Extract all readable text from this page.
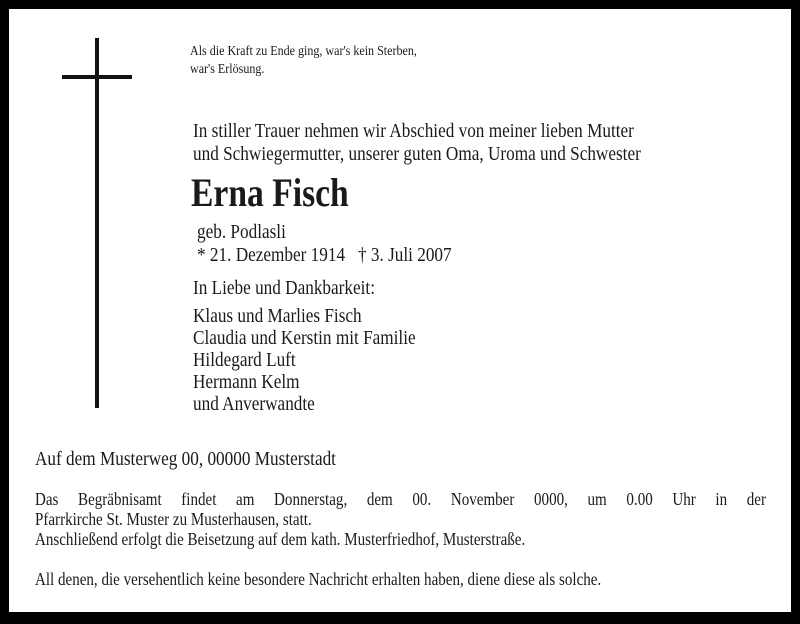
Als die Kraft zu Ende ging, war's kein Sterben,
war's Erlösung.
In stiller Trauer nehmen wir Abschied von meiner lieben Mutter
und Schwiegermutter, unserer guten Oma, Uroma und Schwester
Erna Fisch
geb. Podlasli
* 21. Dezember 1914   † 3. Juli 2007
In Liebe und Dankbarkeit:
Klaus und Marlies Fisch
Claudia und Kerstin mit Familie
Hildegard Luft
Hermann Kelm
und Anverwandte
Auf dem Musterweg 00, 00000 Musterstadt
Das Begräbnisamt findet am Donnerstag, dem 00. November 0000, um 0.00 Uhr in der
Pfarrkirche St. Muster zu Musterhausen, statt.
Anschließend erfolgt die Beisetzung auf dem kath. Musterfriedhof, Musterstraße.
All denen, die versehentlich keine besondere Nachricht erhalten haben, diene diese als solche.
